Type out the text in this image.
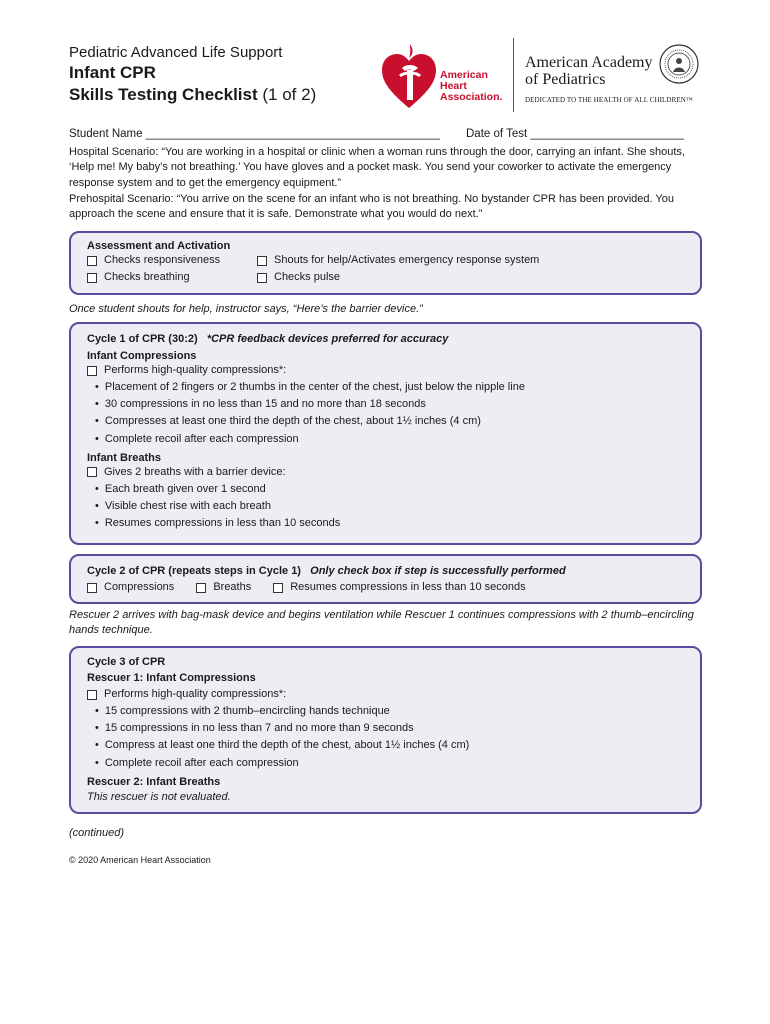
Pediatric Advanced Life Support
Infant CPR
Skills Testing Checklist (1 of 2)
American
Heart
Association.
American Academy
of Pediatrics
DEDICATED TO THE HEALTH OF ALL CHILDREN™
Student Name ______________________________________________ Date of Test ________________________
Hospital Scenario: “You are working in a hospital or clinic when a woman runs through the door, carrying an infant. She shouts, ‘Help me! My baby’s not breathing.’ You have gloves and a pocket mask. You send your coworker to activate the emergency response system and to get the emergency equipment.”
Prehospital Scenario: “You arrive on the scene for an infant who is not breathing. No bystander CPR has been provided. You approach the scene and ensure that it is safe. Demonstrate what you would do next.”
Assessment and Activation
Checks responsiveness
Checks breathing
Shouts for help/Activates emergency response system
Checks pulse
Once student shouts for help, instructor says, “Here’s the barrier device.”
Cycle 1 of CPR (30:2) *CPR feedback devices preferred for accuracy
Infant Compressions
Performs high-quality compressions*:
• Placement of 2 fingers or 2 thumbs in the center of the chest, just below the nipple line
• 30 compressions in no less than 15 and no more than 18 seconds
• Compresses at least one third the depth of the chest, about 1½ inches (4 cm)
• Complete recoil after each compression
Infant Breaths
Gives 2 breaths with a barrier device:
• Each breath given over 1 second
• Visible chest rise with each breath
• Resumes compressions in less than 10 seconds
Cycle 2 of CPR (repeats steps in Cycle 1) Only check box if step is successfully performed
Compressions	Breaths	Resumes compressions in less than 10 seconds
Rescuer 2 arrives with bag-mask device and begins ventilation while Rescuer 1 continues compressions with 2 thumb–encircling hands technique.
Cycle 3 of CPR
Rescuer 1: Infant Compressions
Performs high-quality compressions*:
• 15 compressions with 2 thumb–encircling hands technique
• 15 compressions in no less than 7 and no more than 9 seconds
• Compress at least one third the depth of the chest, about 1½ inches (4 cm)
• Complete recoil after each compression
Rescuer 2: Infant Breaths
This rescuer is not evaluated.
(continued)
© 2020 American Heart Association
